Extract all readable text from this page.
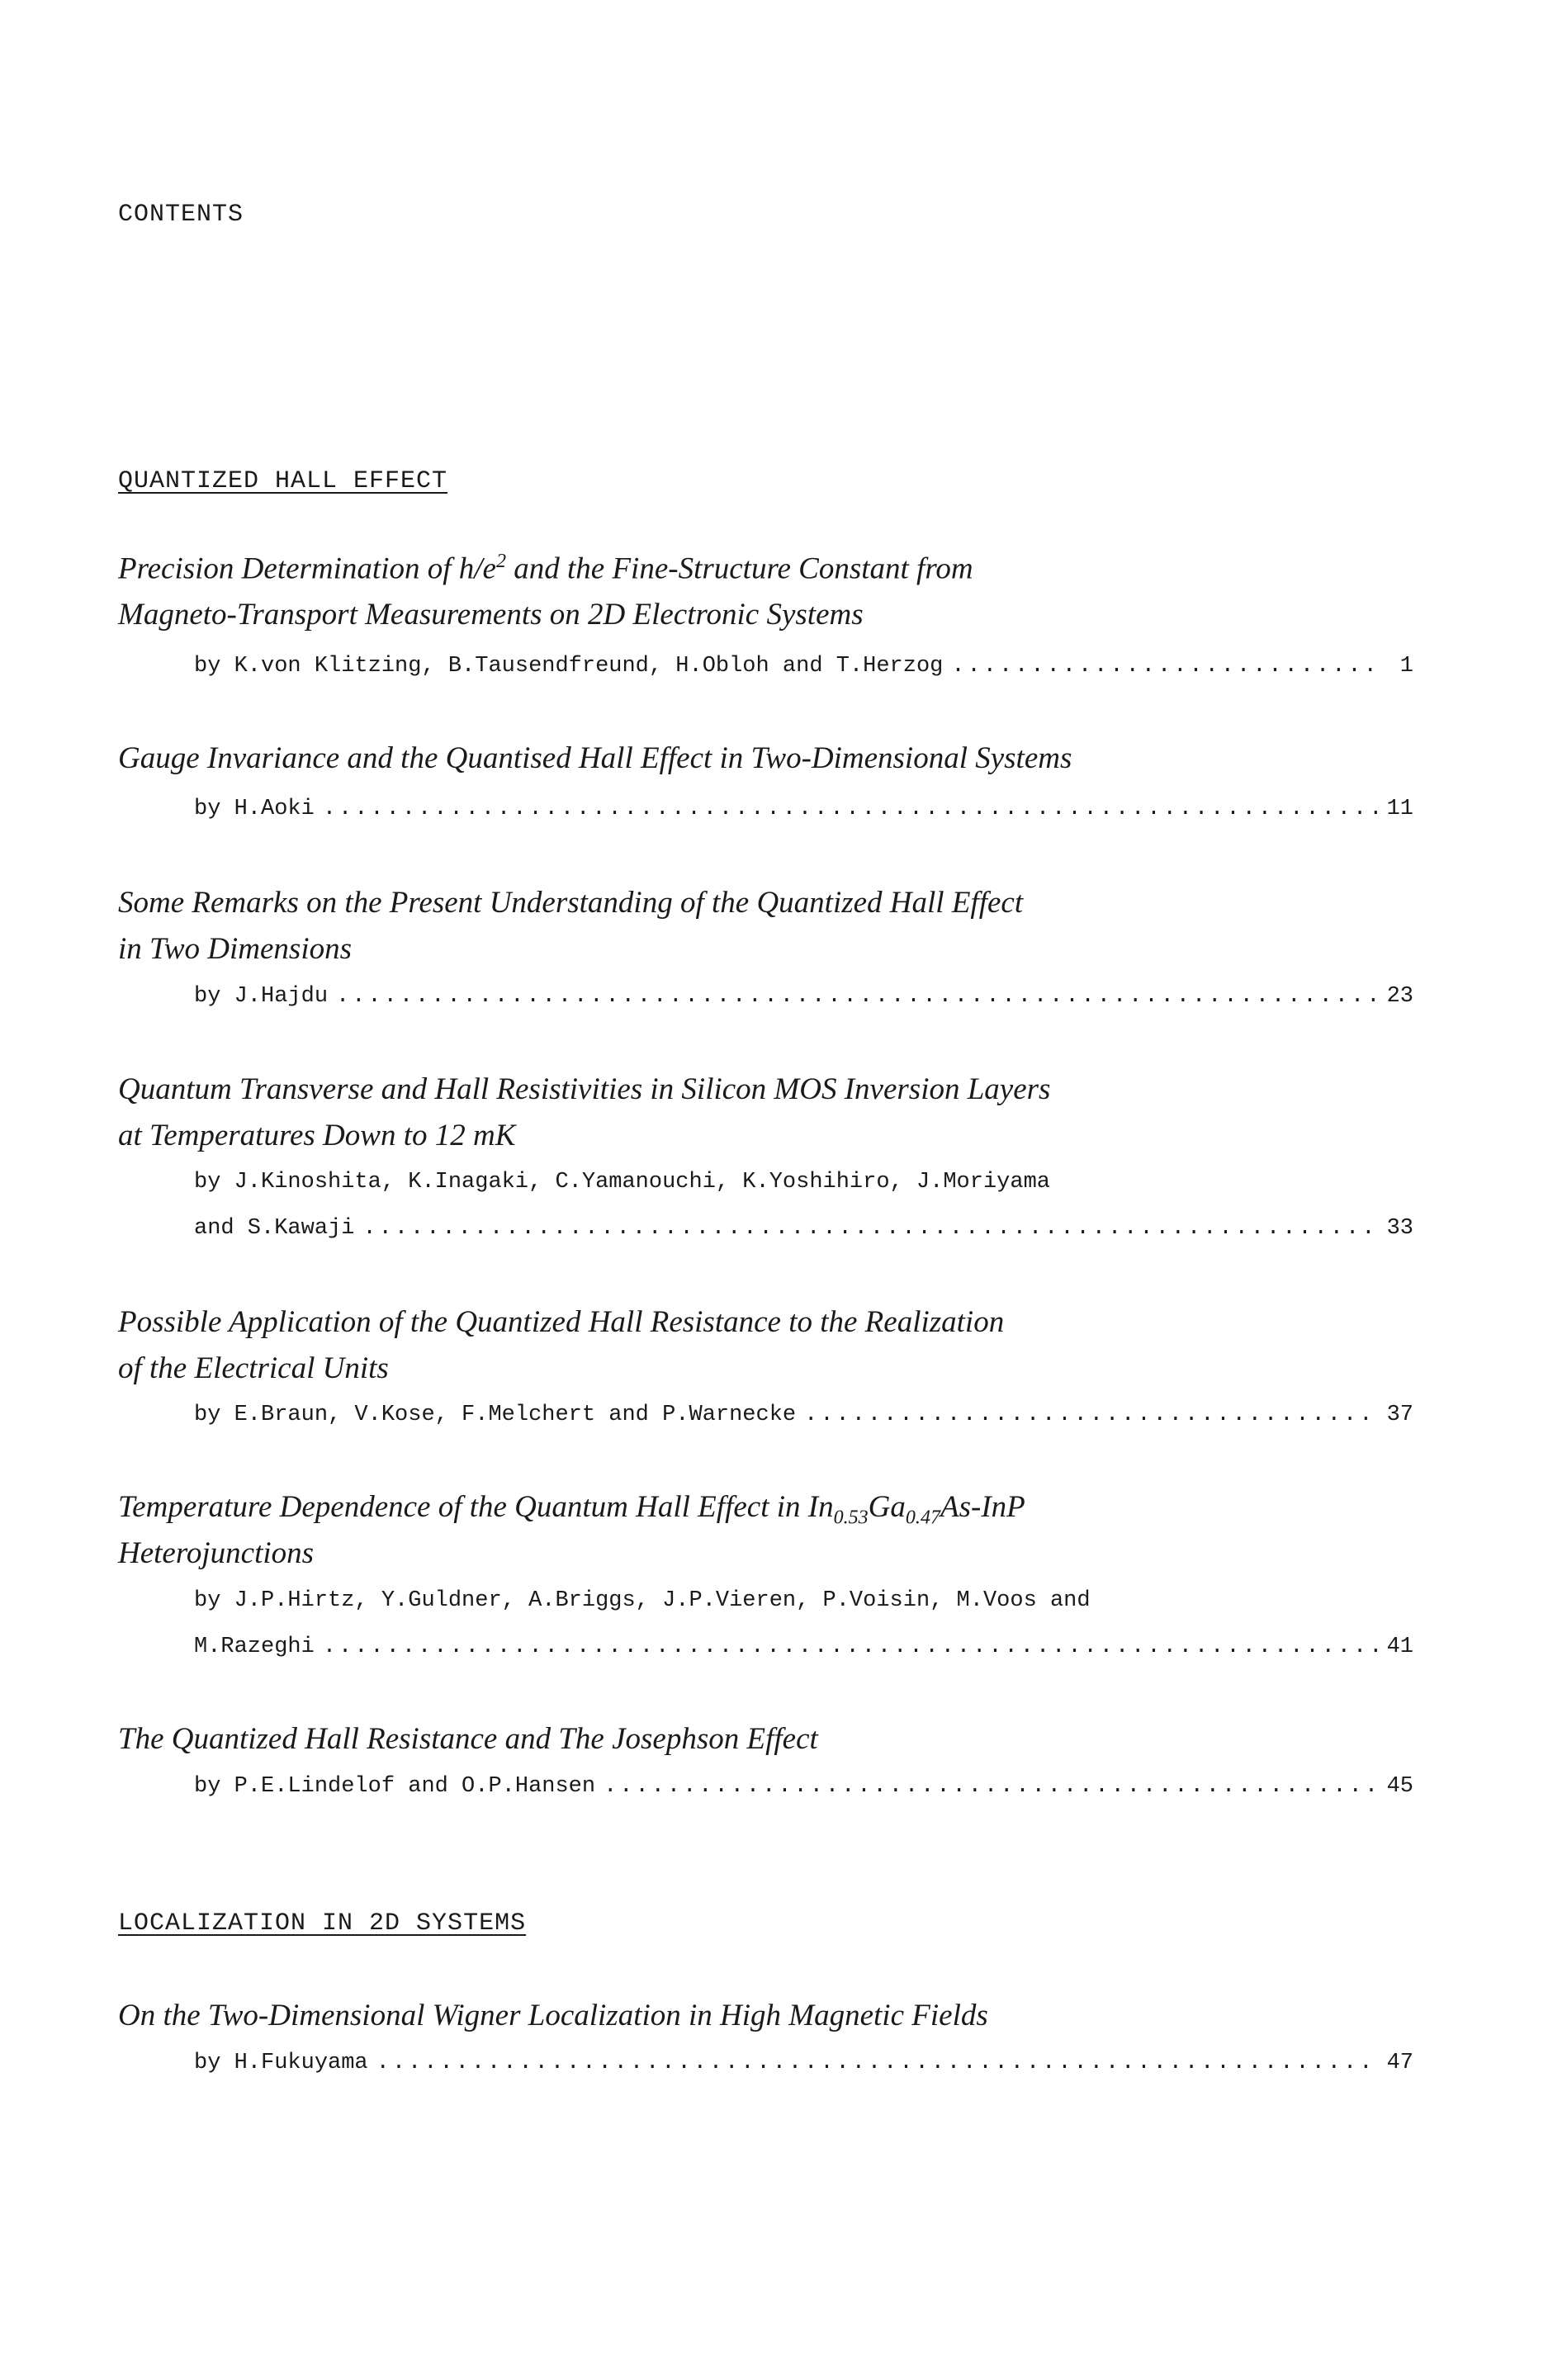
CONTENTS
QUANTIZED HALL EFFECT
Precision Determination of $h/e^2$ and the Fine-Structure Constant from
Magneto-Transport Measurements on 2D Electronic Systems
by K.von Klitzing, B.Tausendfreund, H.Obloh and T.Herzog .....	1
Gauge Invariance and the Quantised Hall Effect in Two-Dimensional Systems
by H.Aoki .....	11
Some Remarks on the Present Understanding of the Quantized Hall Effect
in Two Dimensions
by J.Hajdu .....	23
Quantum Transverse and Hall Resistivities in Silicon MOS Inversion Layers
at Temperatures Down to 12 mK
by J.Kinoshita, K.Inagaki, C.Yamanouchi, K.Yoshihiro, J.Moriyama
and S.Kawaji .....	33
Possible Application of the Quantized Hall Resistance to the Realization
of the Electrical Units
by E.Braun, V.Kose, F.Melchert and P.Warnecke .....	37
Temperature Dependence of the Quantum Hall Effect in $In_{0.53}Ga_{0.47}As$-InP
Heterojunctions
by J.P.Hirtz, Y.Guldner, A.Briggs, J.P.Vieren, P.Voisin, M.Voos and
M.Razeghi .....	41
The Quantized Hall Resistance and The Josephson Effect
by P.E.Lindelof and O.P.Hansen .....	45
LOCALIZATION IN 2D SYSTEMS
On the Two-Dimensional Wigner Localization in High Magnetic Fields
by H.Fukuyama .....	47
